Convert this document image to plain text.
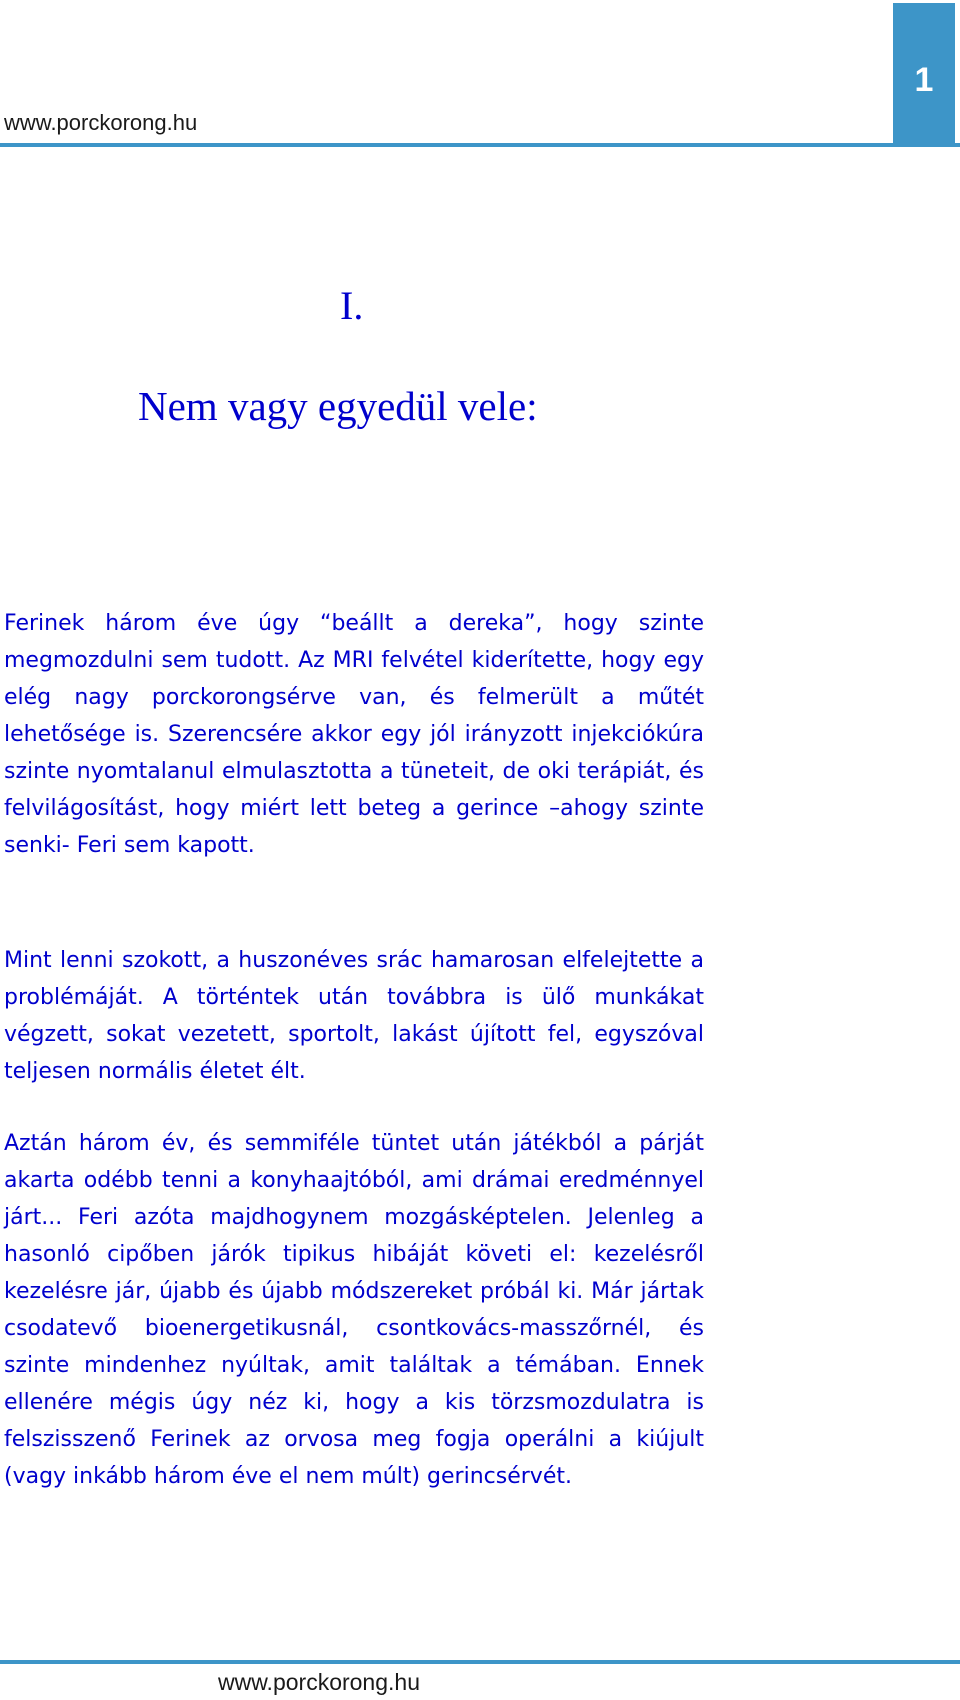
www.porckorong.hu
1
I.
Nem vagy egyedül vele:

Ferinek három éve úgy “beállt a dereka”, hogy szinte megmozdulni sem tudott. Az MRI felvétel kiderítette, hogy egy elég nagy porckorongsérve van, és felmerült a műtét lehetősége is. Szerencsére akkor egy jól irányzott injekciókúra szinte nyomtalanul elmulasztotta a tüneteit, de oki terápiát, és felvilágosítást, hogy miért lett beteg a gerince –ahogy szinte senki- Feri sem kapott.

Mint lenni szokott, a huszonéves srác hamarosan elfelejtette a problémáját. A történtek után továbbra is ülő munkákat végzett, sokat vezetett, sportolt, lakást újított fel, egyszóval teljesen normális életet élt.

Aztán három év, és semmiféle tüntet után játékból a párját akarta odébb tenni a konyhaajtóból, ami drámai eredménnyel járt... Feri azóta majdhogynem mozgásképtelen. Jelenleg a hasonló cipőben járók tipikus hibáját követi el: kezelésről kezelésre jár, újabb és újabb módszereket próbál ki. Már jártak csodatevő bioenergetikusnál, csontkovács-masszőrnél, és szinte mindenhez nyúltak, amit találtak a témában. Ennek ellenére mégis úgy néz ki, hogy a kis törzsmozdulatra is felszisszenő Ferinek az orvosa meg fogja operálni a kiújult (vagy inkább három éve el nem múlt) gerincsérvét.

www.porckorong.hu
